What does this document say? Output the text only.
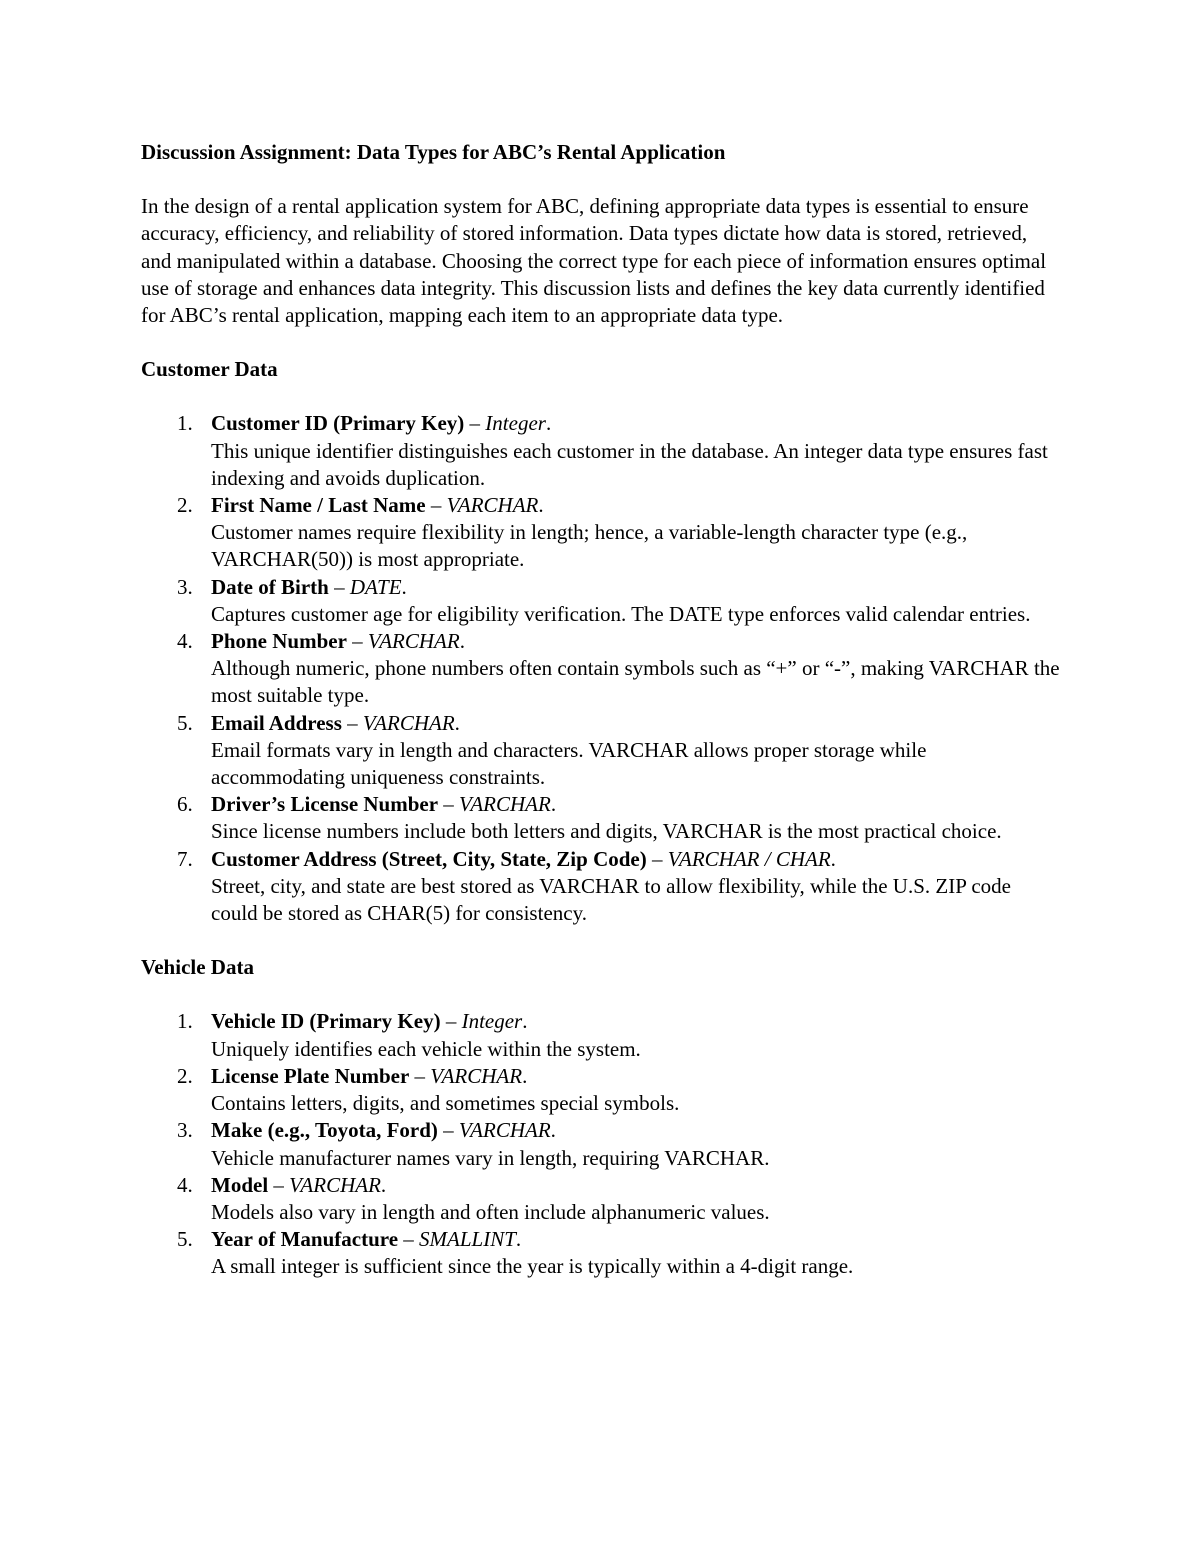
Discussion Assignment: Data Types for ABC’s Rental Application

In the design of a rental application system for ABC, defining appropriate data types is essential to ensure accuracy, efficiency, and reliability of stored information. Data types dictate how data is stored, retrieved, and manipulated within a database. Choosing the correct type for each piece of information ensures optimal use of storage and enhances data integrity. This discussion lists and defines the key data currently identified for ABC’s rental application, mapping each item to an appropriate data type.

Customer Data
1. Customer ID (Primary Key) – Integer.
This unique identifier distinguishes each customer in the database. An integer data type ensures fast indexing and avoids duplication.
2. First Name / Last Name – VARCHAR.
Customer names require flexibility in length; hence, a variable-length character type (e.g., VARCHAR(50)) is most appropriate.
3. Date of Birth – DATE.
Captures customer age for eligibility verification. The DATE type enforces valid calendar entries.
4. Phone Number – VARCHAR.
Although numeric, phone numbers often contain symbols such as “+” or “-”, making VARCHAR the most suitable type.
5. Email Address – VARCHAR.
Email formats vary in length and characters. VARCHAR allows proper storage while accommodating uniqueness constraints.
6. Driver’s License Number – VARCHAR.
Since license numbers include both letters and digits, VARCHAR is the most practical choice.
7. Customer Address (Street, City, State, Zip Code) – VARCHAR / CHAR.
Street, city, and state are best stored as VARCHAR to allow flexibility, while the U.S. ZIP code could be stored as CHAR(5) for consistency.
Vehicle Data
1. Vehicle ID (Primary Key) – Integer.
Uniquely identifies each vehicle within the system.
2. License Plate Number – VARCHAR.
Contains letters, digits, and sometimes special symbols.
3. Make (e.g., Toyota, Ford) – VARCHAR.
Vehicle manufacturer names vary in length, requiring VARCHAR.
4. Model – VARCHAR.
Models also vary in length and often include alphanumeric values.
5. Year of Manufacture – SMALLINT.
A small integer is sufficient since the year is typically within a 4-digit range.
